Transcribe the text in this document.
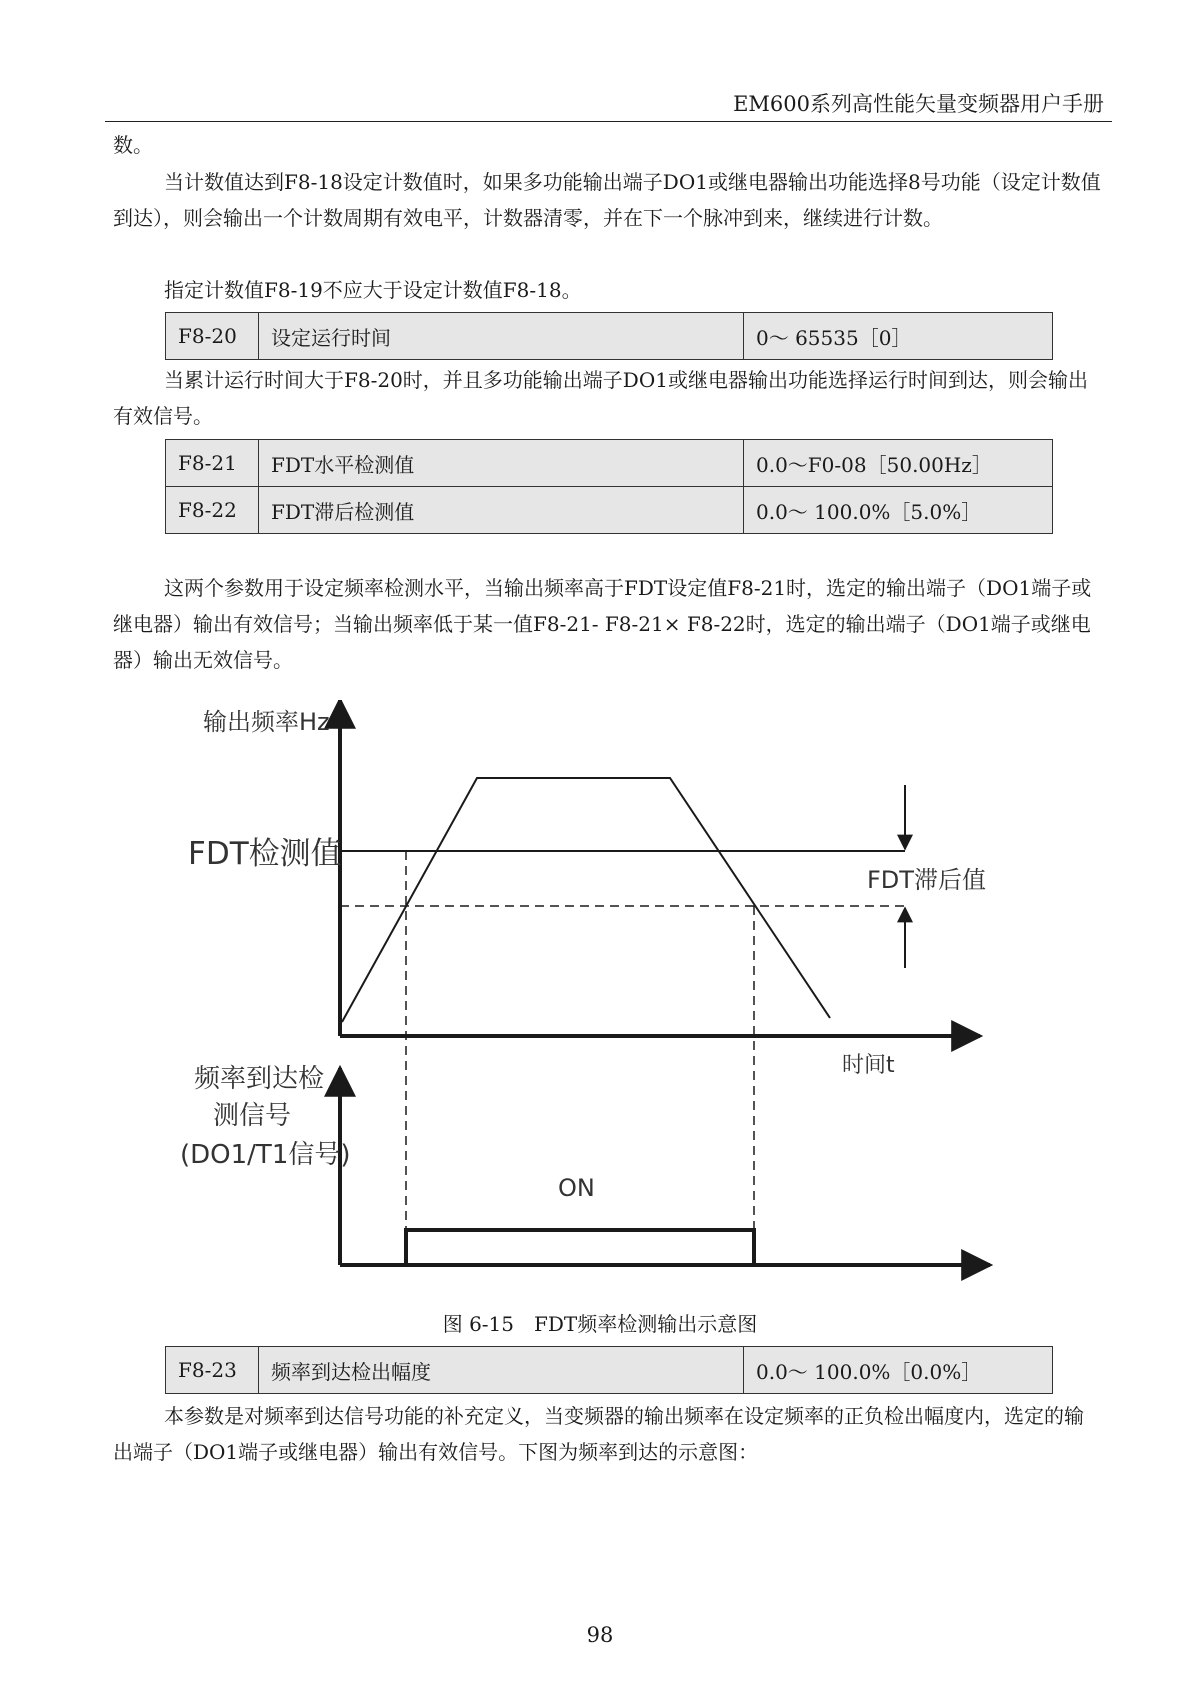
EM600系列高性能矢量变频器用户手册

数。

当计数值达到F8-18设定计数值时，如果多功能输出端子DO1或继电器输出功能选择8号功能（设定计数值到达），则会输出一个计数周期有效电平，计数器清零，并在下一个脉冲到来，继续进行计数。

指定计数值F8-19不应大于设定计数值F8-18。

F8-20	设定运行时间	0～ 65535［0］

当累计运行时间大于F8-20时，并且多功能输出端子DO1或继电器输出功能选择运行时间到达，则会输出有效信号。

F8-21	FDT水平检测值	0.0～F0-08［50.00Hz］
F8-22	FDT滞后检测值	0.0～ 100.0%［5.0%］

这两个参数用于设定频率检测水平，当输出频率高于FDT设定值F8-21时，选定的输出端子（DO1端子或继电器）输出有效信号；当输出频率低于某一值F8-21- F8-21× F8-22时，选定的输出端子（DO1端子或继电器）输出无效信号。

输出频率Hz
FDT检测值
FDT滞后值
时间t
频率到达检
测信号
(DO1/T1信号)
ON
图 6-15　FDT频率检测输出示意图
F8-23	频率到达检出幅度	0.0～ 100.0%［0.0%］

本参数是对频率到达信号功能的补充定义，当变频器的输出频率在设定频率的正负检出幅度内，选定的输出端子（DO1端子或继电器）输出有效信号。下图为频率到达的示意图：

98
